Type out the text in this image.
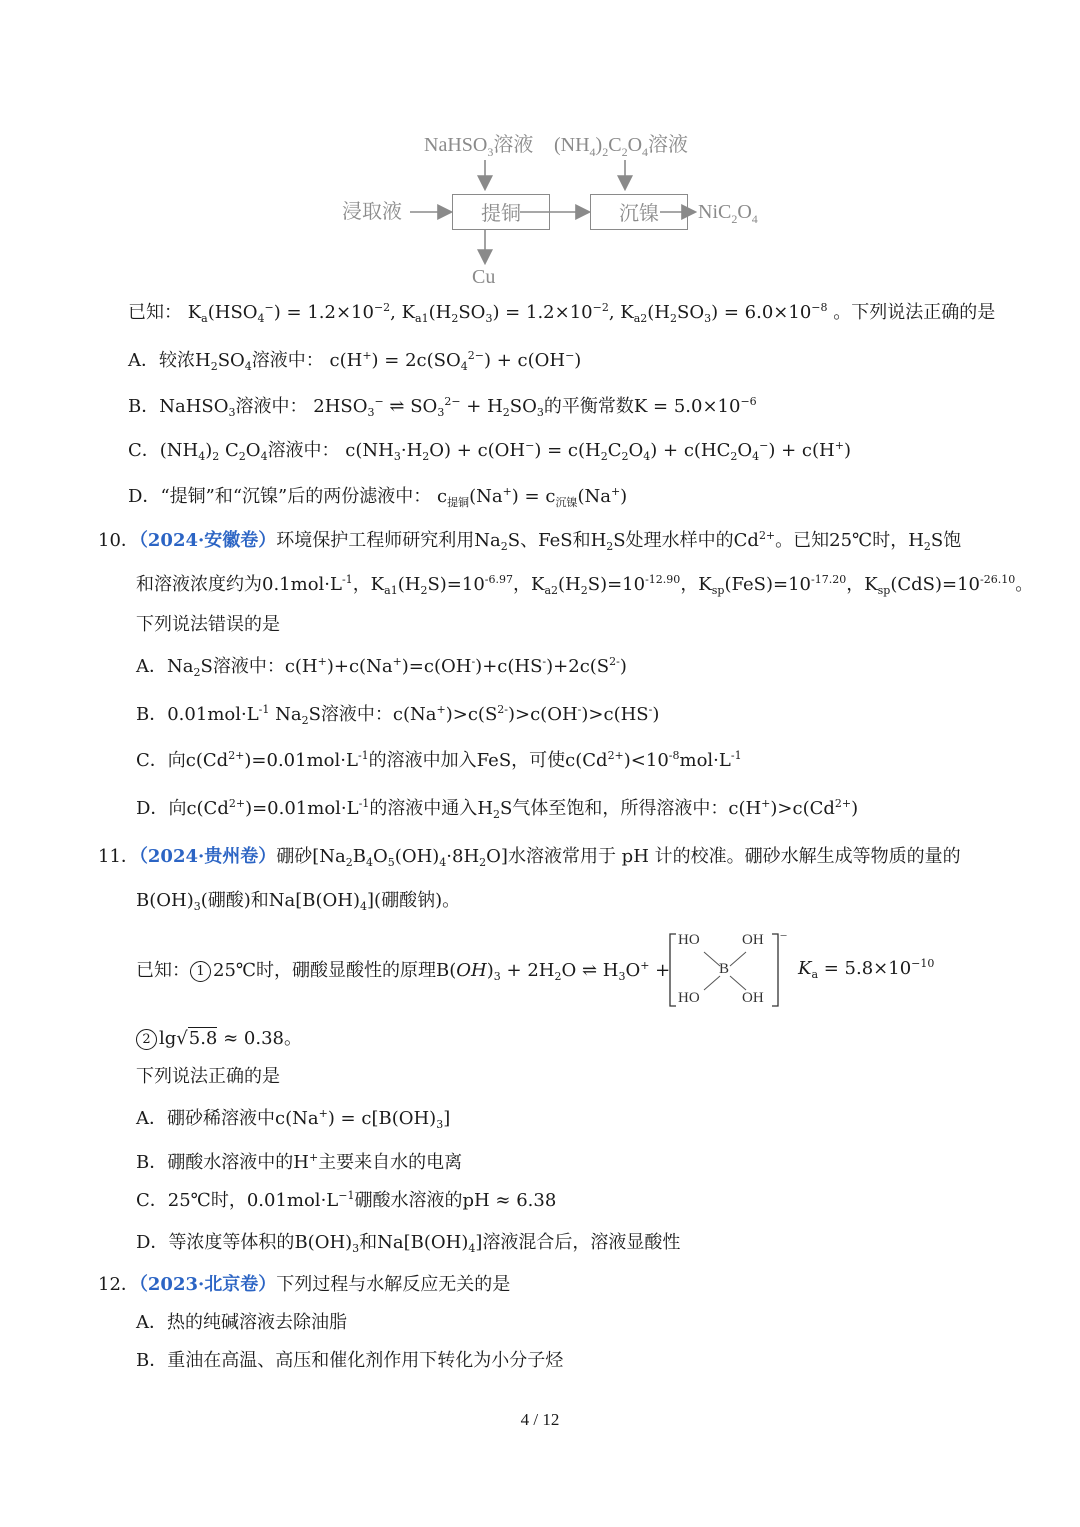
NaHSO$_3$溶液 $(NH_4)_2C_2O_4$溶液
浸取液	提铜	沉镍	$NiC_2O_4$
Cu
已知： $K_a(HSO_4^-) = 1.2\times 10^{-2}$, $K_{a1}(H_2SO_3) = 1.2\times 10^{-2}$, $K_{a2}(H_2SO_3) = 6.0\times 10^{-8}$ 。下列说法正确的是
A．较浓$H_2SO_4$溶液中： $c(H^+) = 2c(SO_4^{2-}) + c(OH^-)$
B．NaHSO$_3$溶液中： $2HSO_3^-$ ⇌ $SO_3^{2-} + H_2SO_3$的平衡常数$K = 5.0\times 10^{-6}$
C．$(NH_4)_2$ $C_2O_4$溶液中： $c(NH_3\cdot H_2O) + c(OH^-) = c(H_2C_2O_4) + c(HC_2O_4^-) + c(H^+)$
D．“提铜”和“沉镍”后的两份滤液中： $c_{提铜}(Na^+) = c_{沉镍}(Na^+)$
10．（2024·安徽卷）环境保护工程师研究利用$Na_2S$、FeS和$H_2S$处理水样中的$Cd^{2+}$。已知25℃时，$H_2S$饱
和溶液浓度约为$0.1mol\cdot L^{-1}$，$K_{a1}(H_2S)=10^{-6.97}$，$K_{a2}(H_2S)=10^{-12.90}$，$K_{sp}(FeS)=10^{-17.20}$，$K_{sp}(CdS)=10^{-26.10}$。
下列说法错误的是
A．$Na_2S$溶液中：$c(H^+)+c(Na^+)=c(OH^-)+c(HS^-)+2c(S^{2-})$
B．$0.01mol\cdot L^{-1}$ $Na_2S$溶液中：$c(Na^+)>c(S^{2-})>c(OH^-)>c(HS^-)$
C．向$c(Cd^{2+})=0.01mol\cdot L^{-1}$的溶液中加入FeS，可使$c(Cd^{2+})<10^{-8}mol\cdot L^{-1}$
D．向$c(Cd^{2+})=0.01mol\cdot L^{-1}$的溶液中通入$H_2S$气体至饱和，所得溶液中：$c(H^+)>c(Cd^{2+})$
11．（2024·贵州卷）硼砂$[Na_2B_4O_5(OH)_4\cdot 8H_2O]$水溶液常用于 pH 计的校准。硼砂水解生成等物质的量的
$B(OH)_3$(硼酸)和$Na[B(OH)_4]$(硼酸钠)。
已知： 1 25℃时，硼酸显酸性的原理$B(OH)_3 + 2H_2O$ ⇌ $H_3O^+$ +
−
HO	OH
B
HO	OH
$K_a = 5.8\times 10^{-10}$
2 lg√5.8 ≈ 0.38。
下列说法正确的是
A．硼砂稀溶液中$c(Na^+) = c[B(OH)_3]$
B．硼酸水溶液中的H+主要来自水的电离
C．25℃时，$0.01mol\cdot L^{-1}$硼酸水溶液的pH ≈ 6.38
D．等浓度等体积的$B(OH)_3$和$Na[B(OH)_4]$溶液混合后，溶液显酸性
12．（2023·北京卷）下列过程与水解反应无关的是
A．热的纯碱溶液去除油脂
B．重油在高温、高压和催化剂作用下转化为小分子烃
4 / 12
